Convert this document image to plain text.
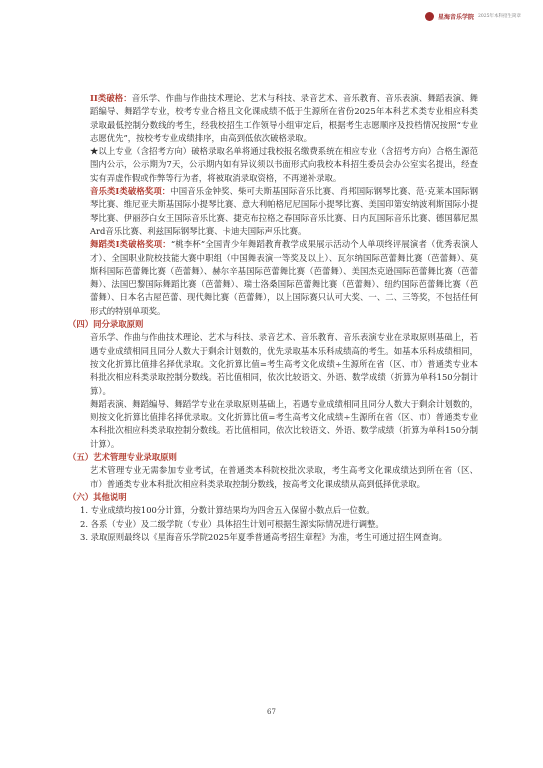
星海音乐学院 2025年本科招生简章

II类破格：音乐学、作曲与作曲技术理论、艺术与科技、录音艺术、音乐教育、音乐表演、舞蹈表演、舞蹈编导、舞蹈学专业，校考专业合格且文化课成绩不低于生源所在省份2025年本科艺术类专业相应科类录取最低控制分数线的考生，经我校招生工作领导小组审定后，根据考生志愿顺序及投档情况按照“专业志愿优先”，按校考专业成绩排序，由高到低依次破格录取。

★以上专业（含招考方向）破格录取名单将通过我校报名缴费系统在相应专业（含招考方向）合格生源范围内公示，公示期为7天，公示期内如有异议须以书面形式向我校本科招生委员会办公室实名提出，经查实有弄虚作假或作弊等行为者，将被取消录取资格，不再递补录取。

音乐类Ⅰ类破格奖项：中国音乐金钟奖、柴可夫斯基国际音乐比赛、肖邦国际钢琴比赛、范·克莱本国际钢琴比赛、维尼亚夫斯基国际小提琴比赛、意大利帕格尼尼国际小提琴比赛、美国印第安纳波利斯国际小提琴比赛、伊丽莎白女王国际音乐比赛、捷克布拉格之春国际音乐比赛、日内瓦国际音乐比赛、德国慕尼黑Ard音乐比赛、利兹国际钢琴比赛、卡迪夫国际声乐比赛。

舞蹈类Ⅰ类破格奖项：“桃李杯”全国青少年舞蹈教育教学成果展示活动个人单项终评展演者（优秀表演人才）、全国职业院校技能大赛中职组（中国舞表演一等奖及以上）、瓦尔纳国际芭蕾舞比赛（芭蕾舞）、莫斯科国际芭蕾舞比赛（芭蕾舞）、赫尔辛基国际芭蕾舞比赛（芭蕾舞）、美国杰克逊国际芭蕾舞比赛（芭蕾舞）、法国巴黎国际舞蹈比赛（芭蕾舞）、瑞士洛桑国际芭蕾舞比赛（芭蕾舞）、纽约国际芭蕾舞比赛（芭蕾舞）、日本名古屋芭蕾、现代舞比赛（芭蕾舞），以上国际赛只认可大奖、一、二、三等奖，不包括任何形式的特别单项奖。

（四）同分录取原则

音乐学、作曲与作曲技术理论、艺术与科技、录音艺术、音乐教育、音乐表演专业在录取原则基础上，若遇专业成绩相同且同分人数大于剩余计划数的，优先录取基本乐科成绩高的考生。如基本乐科成绩相同，按文化折算比值排名择优录取。文化折算比值=考生高考文化成绩÷生源所在省（区、市）普通类专业本科批次相应科类录取控制分数线。若比值相同，依次比较语文、外语、数学成绩（折算为单科150分制计算）。

舞蹈表演、舞蹈编导、舞蹈学专业在录取原则基础上，若遇专业成绩相同且同分人数大于剩余计划数的，则按文化折算比值排名择优录取。文化折算比值=考生高考文化成绩÷生源所在省（区、市）普通类专业本科批次相应科类录取控制分数线。若比值相同，依次比较语文、外语、数学成绩（折算为单科150分制计算）。

（五）艺术管理专业录取原则

艺术管理专业无需参加专业考试，在普通类本科院校批次录取，考生高考文化课成绩达到所在省（区、市）普通类专业本科批次相应科类录取控制分数线，按高考文化课成绩从高到低择优录取。

（六）其他说明

1. 专业成绩均按100分计算，分数计算结果均为四舍五入保留小数点后一位数。

2. 各系（专业）及二级学院（专业）具体招生计划可根据生源实际情况进行调整。

3. 录取原则最终以《星海音乐学院2025年夏季普通高考招生章程》为准，考生可通过招生网查询。

67
